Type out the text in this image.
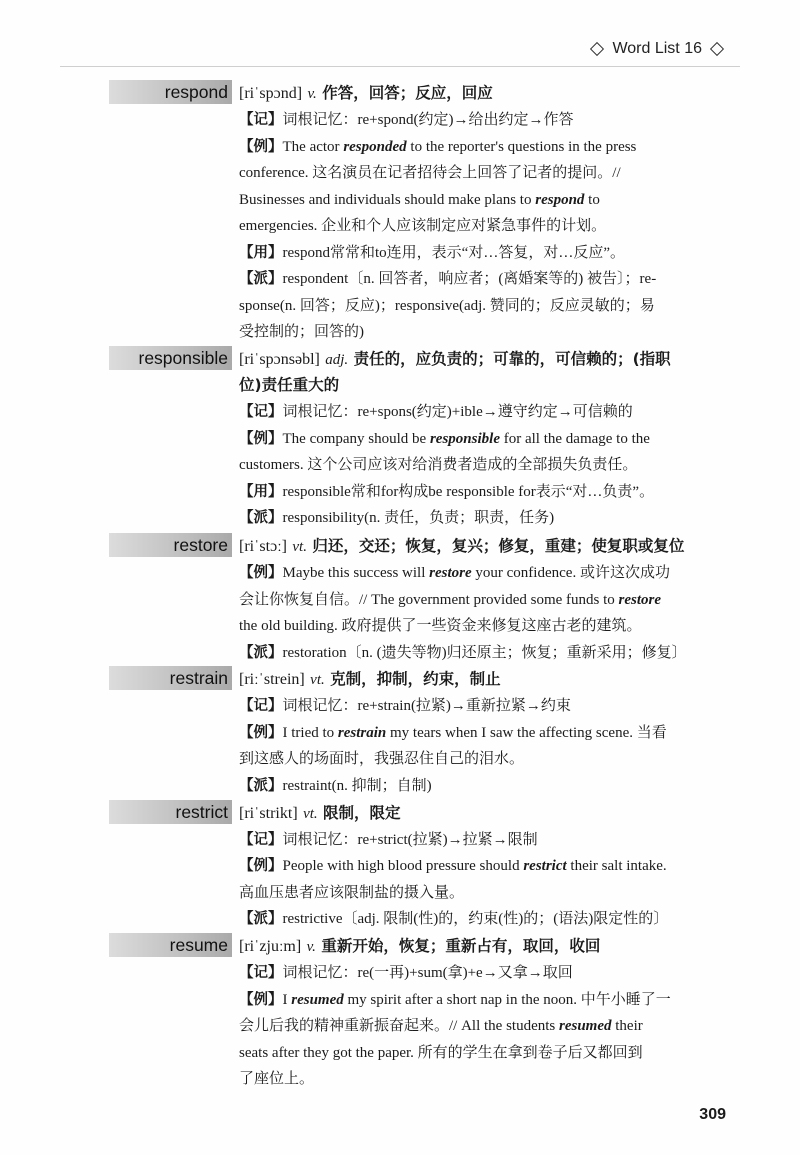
Word List 16
respond [riˈspɔnd] v. 作答，回答；反应，回应
【记】词根记忆：re+spond(约定)→给出约定→作答
【例】The actor responded to the reporter's questions in the press
conference. 这名演员在记者招待会上回答了记者的提问。//
Businesses and individuals should make plans to respond to
emergencies. 企业和个人应该制定应对紧急事件的计划。
【用】respond常常和to连用，表示“对…答复，对…反应”。
【派】respondent〔n. 回答者，响应者；(离婚案等的) 被告〕；re-
sponse(n. 回答；反应)；responsive(adj. 赞同的；反应灵敏的；易
受控制的；回答的)
responsible [riˈspɔnsəbl] adj. 责任的，应负责的；可靠的，可信赖的；(指职
位)责任重大的
【记】词根记忆：re+spons(约定)+ible→遵守约定→可信赖的
【例】The company should be responsible for all the damage to the
customers. 这个公司应该对给消费者造成的全部损失负责任。
【用】responsible常和for构成be responsible for表示“对…负责”。
【派】responsibility(n. 责任，负责；职责，任务)
restore [riˈstɔː] vt. 归还，交还；恢复，复兴；修复，重建；使复职或复位
【例】Maybe this success will restore your confidence. 或许这次成功
会让你恢复自信。// The government provided some funds to restore
the old building. 政府提供了一些资金来修复这座古老的建筑。
【派】restoration〔n. (遗失等物)归还原主；恢复；重新采用；修复〕
restrain [riːˈstrein] vt. 克制，抑制，约束，制止
【记】词根记忆：re+strain(拉紧)→重新拉紧→约束
【例】I tried to restrain my tears when I saw the affecting scene. 当看
到这感人的场面时，我强忍住自己的泪水。
【派】restraint(n. 抑制；自制)
restrict [riˈstrikt] vt. 限制，限定
【记】词根记忆：re+strict(拉紧)→拉紧→限制
【例】People with high blood pressure should restrict their salt intake.
高血压患者应该限制盐的摄入量。
【派】restrictive〔adj. 限制(性)的，约束(性)的；(语法)限定性的〕
resume [riˈzjuːm] v. 重新开始，恢复；重新占有，取回，收回
【记】词根记忆：re(一再)+sum(拿)+e→又拿→取回
【例】I resumed my spirit after a short nap in the noon. 中午小睡了一
会儿后我的精神重新振奋起来。// All the students resumed their
seats after they got the paper. 所有的学生在拿到卷子后又都回到
了座位上。
309
